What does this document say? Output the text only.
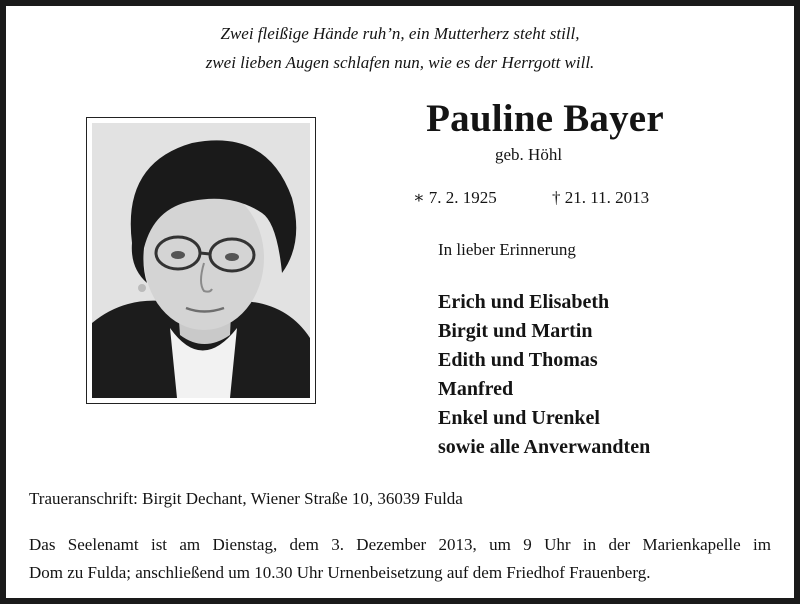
Zwei fleißige Hände ruh’n, ein Mutterherz steht still,
zwei lieben Augen schlafen nun, wie es der Herrgott will.
Pauline Bayer
geb. Höhl
∗ 7. 2. 1925	† 21. 11. 2013
In lieber Erinnerung
Erich und Elisabeth
Birgit und Martin
Edith und Thomas
Manfred
Enkel und Urenkel
sowie alle Anverwandten
Traueranschrift: Birgit Dechant, Wiener Straße 10, 36039 Fulda
Das Seelenamt ist am Dienstag, dem 3. Dezember 2013, um 9 Uhr in der Marienkapelle im
Dom zu Fulda; anschließend um 10.30 Uhr Urnenbeisetzung auf dem Friedhof Frauenberg.
